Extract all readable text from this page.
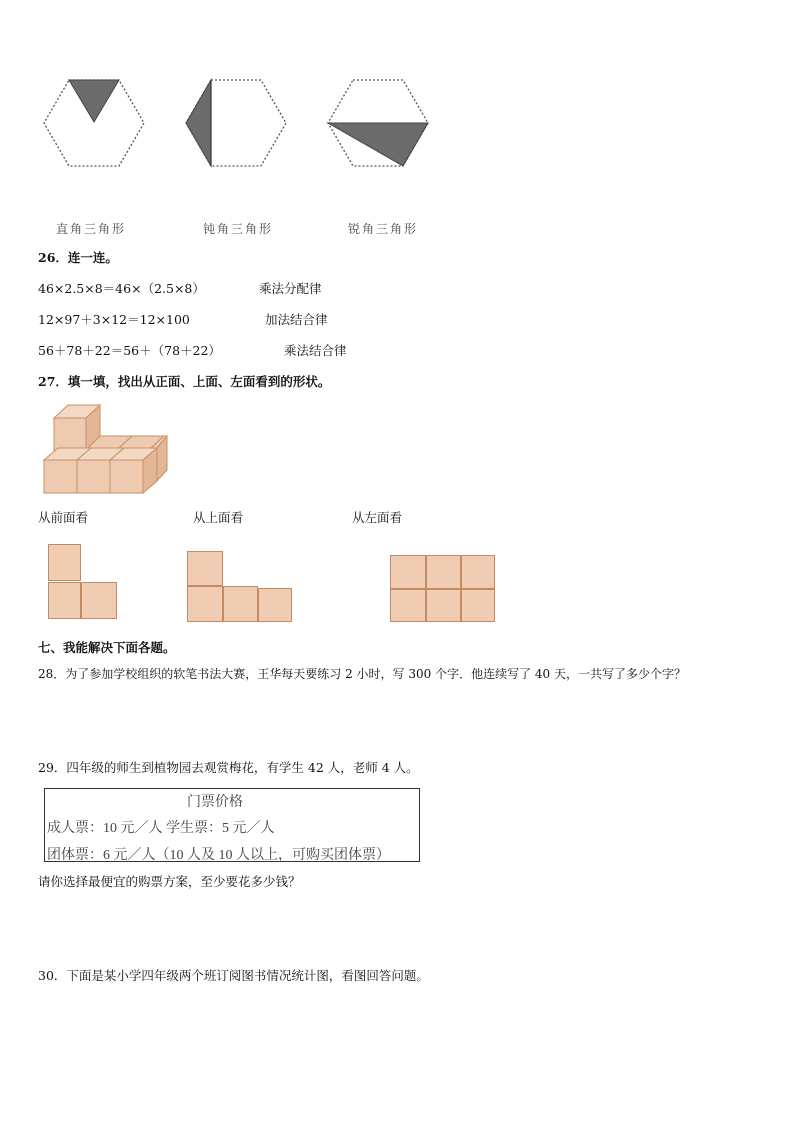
直角三角形	钝角三角形	锐角三角形
26．连一连。
46×2.5×8＝46×（2.5×8）	乘法分配律
12×97＋3×12＝12×100	加法结合律
56＋78＋22＝56＋（78＋22）	乘法结合律
27．填一填，找出从正面、上面、左面看到的形状。
从前面看	从上面看	从左面看
七、我能解决下面各题。
28．为了参加学校组织的软笔书法大赛，王华每天要练习 2 小时，写 300 个字．他连续写了 40 天，一共写了多少个字？
29．四年级的师生到植物园去观赏梅花，有学生 42 人，老师 4 人。
门票价格
成人票：10 元／人 学生票：5 元／人
团体票：6 元／人（10 人及 10 人以上，可购买团体票）
请你选择最便宜的购票方案，至少要花多少钱？
30．下面是某小学四年级两个班订阅图书情况统计图，看图回答问题。
